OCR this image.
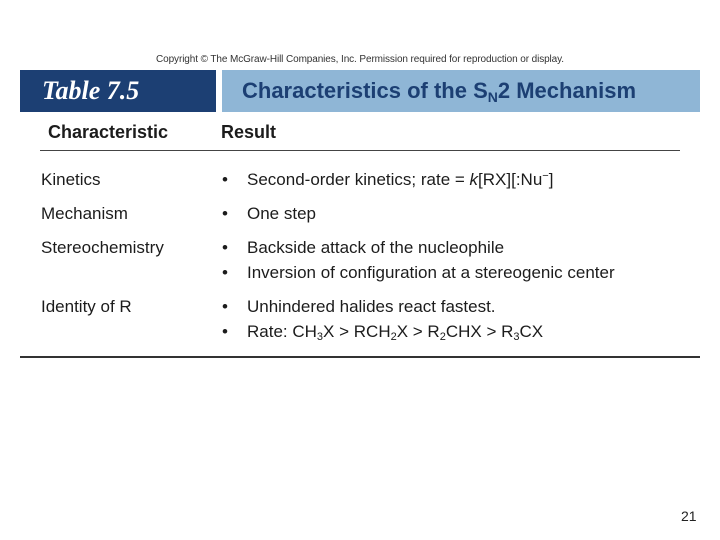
Copyright © The McGraw-Hill Companies, Inc. Permission required for reproduction or display.
Table 7.5	Characteristics of the $S_N2$ Mechanism
Characteristic	Result
Kinetics	• Second-order kinetics; rate = k[RX][:Nu−]
Mechanism	• One step
Stereochemistry	• Backside attack of the nucleophile
• Inversion of configuration at a stereogenic center
Identity of R	• Unhindered halides react fastest.
• Rate: $CH_3X > RCH_2X > R_2CHX > R_3CX$
21
